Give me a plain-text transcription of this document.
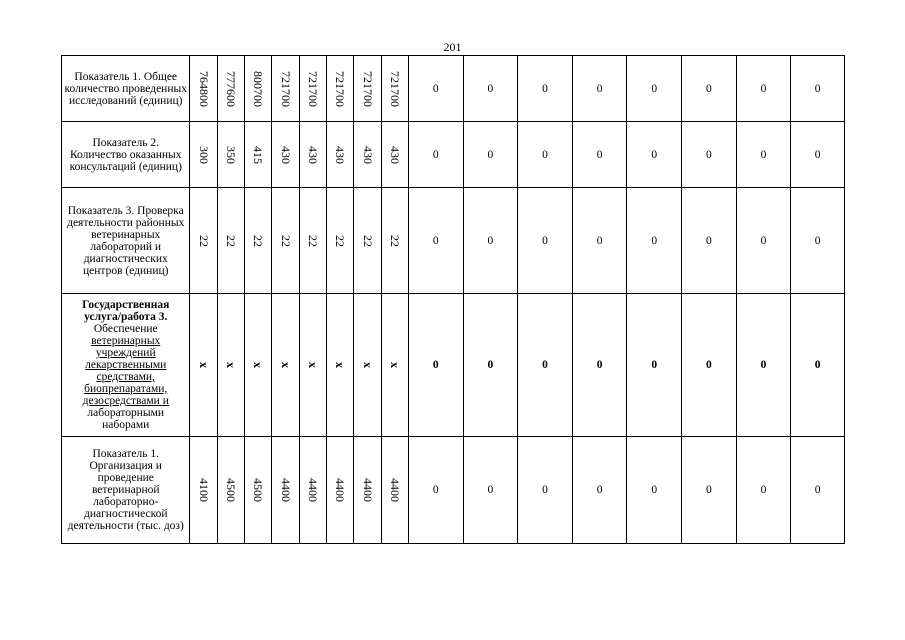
201
Показатель 1. Общее количество проведенных исследований (единиц)	764800	777600	800700	721700	721700	721700	721700	721700	0	0	0	0	0	0	0	0
Показатель 2. Количество оказанных консультаций (единиц)	300	350	415	430	430	430	430	430	0	0	0	0	0	0	0	0
Показатель 3. Проверка деятельности районных ветеринарных лабораторий и диагностических центров (единиц)	22	22	22	22	22	22	22	22	0	0	0	0	0	0	0	0
Государственная услуга/работа 3. Обеспечение ветеринарных учреждений лекарственными средствами, биопрепаратами, дезосредствами и лабораторными наборами	х	х	х	х	х	х	х	х	0	0	0	0	0	0	0	0
Показатель 1. Организация и проведение ветеринарной лабораторно-диагностической деятельности (тыс. доз)	4100	4500	4500	4400	4400	4400	4400	4400	0	0	0	0	0	0	0	0
